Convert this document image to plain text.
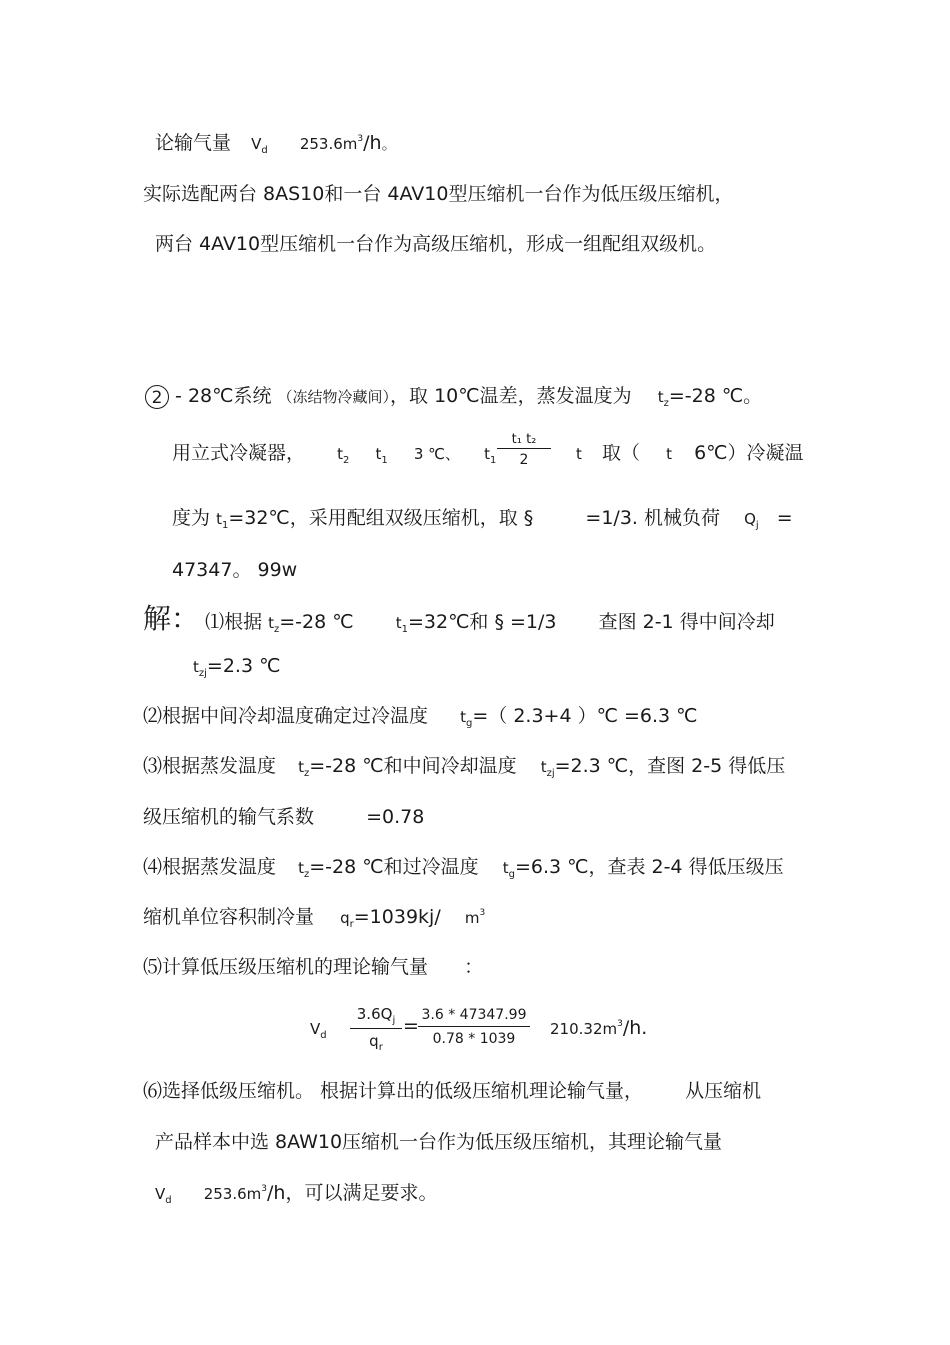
论输气量 $V_d$ $253.6m^3/h$。
实际选配两台 8AS10和一台 4AV10型压缩机一台作为低压级压缩机，
两台 4AV10型压缩机一台作为高级压缩机，形成一组配组双级机。
2 - 28℃系统 （冻结物冷藏间），取 10℃温差，蒸发温度为 $t_z=-28$ ℃。
用立式冷凝器， $t_2$ $t_1$ 3 ℃、 $t_1 \frac{\text{t₁ t₂}}{2}$ t 取（ t 6℃）冷凝温
度为 $t_1=32℃$，采用配组双级压缩机，取 §	=1/3. 机械负荷 $Q_j$ =
47347。 99w
解： ⑴根据 $t_z=-28$ ℃	$t_1=32℃$和 § =1/3 查图 2-1 得中间冷却
$t_{zj}=2.3$ ℃
⑵根据中间冷却温度确定过冷温度 $t_g=$（ 2.3+4 ）℃ =6.3 ℃
⑶根据蒸发温度 $t_z=-28$ ℃和中间冷却温度 $t_{zj}=2.3$ ℃，查图 2-5 得低压
级压缩机的输气系数	=0.78
⑷根据蒸发温度 $t_z=-28$ ℃和过冷温度 $t_g=6.3$ ℃，查表 2-4 得低压级压
缩机单位容积制冷量 $q_r=1039kj/$ $m^3$
⑸计算低压级压缩机的理论输气量 ：
$V_d \frac{3.6Q_j}{q_r} = \frac{3.6 * 47347.99}{0.78 * 1039} 210.32m^3/h$.
⑹选择低级压缩机。 根据计算出的低级压缩机理论输气量， 从压缩机
产品样本中选 8AW10压缩机一台作为低压级压缩机，其理论输气量
$V_d$ $253.6m^3/h$，可以满足要求。
